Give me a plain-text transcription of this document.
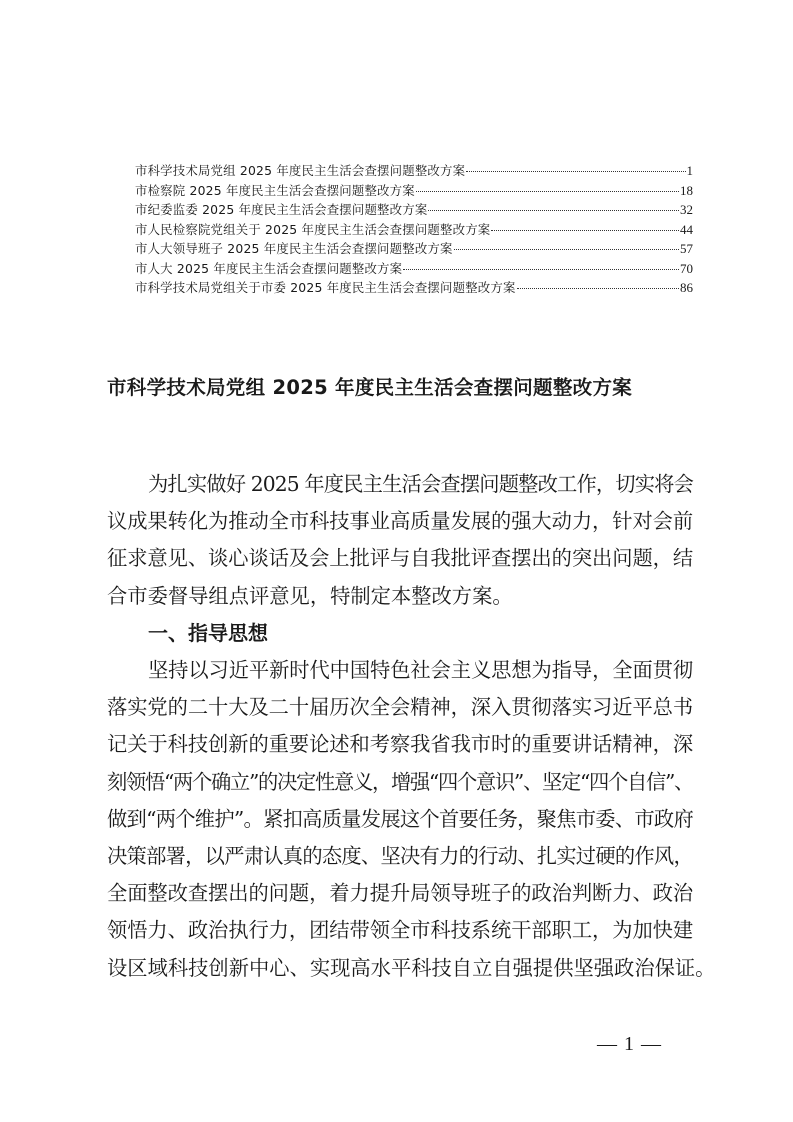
市科学技术局党组 2025 年度民主生活会查摆问题整改方案	1
市检察院 2025 年度民主生活会查摆问题整改方案	18
市纪委监委 2025 年度民主生活会查摆问题整改方案	32
市人民检察院党组关于 2025 年度民主生活会查摆问题整改方案	44
市人大领导班子 2025 年度民主生活会查摆问题整改方案	57
市人大 2025 年度民主生活会查摆问题整改方案	70
市科学技术局党组关于市委 2025 年度民主生活会查摆问题整改方案	86
市科学技术局党组 2025 年度民主生活会查摆问题整改方案
为扎实做好 2025 年度民主生活会查摆问题整改工作，切实将会
议成果转化为推动全市科技事业高质量发展的强大动力，针对会前
征求意见、谈心谈话及会上批评与自我批评查摆出的突出问题，结
合市委督导组点评意见，特制定本整改方案。
一、指导思想
坚持以习近平新时代中国特色社会主义思想为指导，全面贯彻
落实党的二十大及二十届历次全会精神，深入贯彻落实习近平总书
记关于科技创新的重要论述和考察我省我市时的重要讲话精神，深
刻领悟“两个确立”的决定性意义，增强“四个意识”、坚定“四个自信”、
做到“两个维护”。紧扣高质量发展这个首要任务，聚焦市委、市政府
决策部署，以严肃认真的态度、坚决有力的行动、扎实过硬的作风，
全面整改查摆出的问题，着力提升局领导班子的政治判断力、政治
领悟力、政治执行力，团结带领全市科技系统干部职工，为加快建
设区域科技创新中心、实现高水平科技自立自强提供坚强政治保证。
— 1 —
